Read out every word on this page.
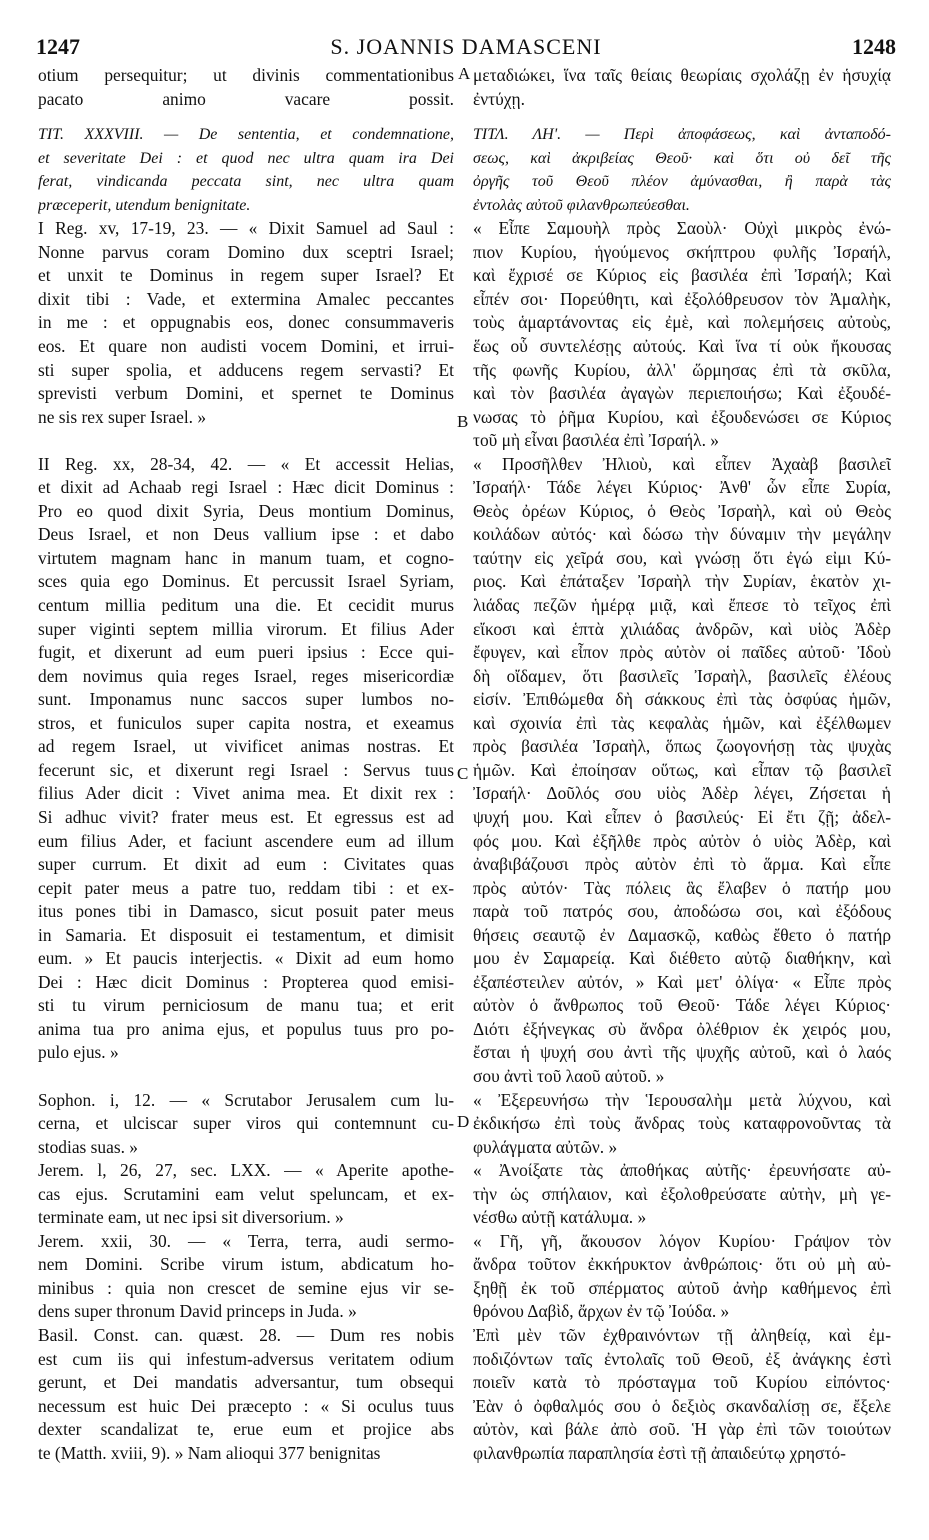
1247	S. JOANNIS DAMASCENI	1248
otium persequitur; ut divinis commentationibus
pacato animo vacare possit.
TIT. XXXVIII. — De sententia, et condemnatione,
et severitate Dei : et quod nec ultra quam ira Dei
ferat, vindicanda peccata sint, nec ultra quam
præceperit, utendum benignitate.
I Reg. xv, 17-19, 23. — « Dixit Samuel ad Saul :
Nonne parvus coram Domino dux sceptri Israel;
et unxit te Dominus in regem super Israel? Et
dixit tibi : Vade, et extermina Amalec peccantes
in me : et oppugnabis eos, donec consummaveris
eos. Et quare non audisti vocem Domini, et irrui-
sti super spolia, et adducens regem servasti? Et
sprevisti verbum Domini, et spernet te Dominus
ne sis rex super Israel. »
II Reg. xx, 28-34, 42. — « Et accessit Helias,
et dixit ad Achaab regi Israel : Hæc dicit Dominus :
Pro eo quod dixit Syria, Deus montium Dominus,
Deus Israel, et non Deus vallium ipse : et dabo
virtutem magnam hanc in manum tuam, et cogno-
sces quia ego Dominus. Et percussit Israel Syriam,
centum millia peditum una die. Et cecidit murus
super viginti septem millia virorum. Et filius Ader
fugit, et dixerunt ad eum pueri ipsius : Ecce qui-
dem novimus quia reges Israel, reges misericordiæ
sunt. Imponamus nunc saccos super lumbos no-
stros, et funiculos super capita nostra, et exeamus
ad regem Israel, ut vivificet animas nostras. Et
fecerunt sic, et dixerunt regi Israel : Servus tuus
filius Ader dicit : Vivet anima mea. Et dixit rex :
Si adhuc vivit? frater meus est. Et egressus est ad
eum filius Ader, et faciunt ascendere eum ad illum
super currum. Et dixit ad eum : Civitates quas
cepit pater meus a patre tuo, reddam tibi : et ex-
itus pones tibi in Damasco, sicut posuit pater meus
in Samaria. Et disposuit ei testamentum, et dimisit
eum. » Et paucis interjectis. « Dixit ad eum homo
Dei : Hæc dicit Dominus : Propterea quod emisi-
sti tu virum perniciosum de manu tua; et erit
anima tua pro anima ejus, et populus tuus pro po-
pulo ejus. »
Sophon. i, 12. — « Scrutabor Jerusalem cum lu-
cerna, et ulciscar super viros qui contemnunt cu-
stodias suas. »
Jerem. l, 26, 27, sec. LXX. — « Aperite apothe-
cas ejus. Scrutamini eam velut speluncam, et ex-
terminate eam, ut nec ipsi sit diversorium. »
Jerem. xxii, 30. — « Terra, terra, audi sermo-
nem Domini. Scribe virum istum, abdicatum ho-
minibus : quia non crescet de semine ejus vir se-
dens super thronum David princeps in Juda. »
Basil. Const. can. quæst. 28. — Dum res nobis
est cum iis qui infestum-adversus veritatem odium
gerunt, et Dei mandatis adversantur, tum obsequi
necessum est huic Dei præcepto : « Si oculus tuus
dexter scandalizat te, erue eum et projice abs
te (Matth. xviii, 9). » Nam alioqui 377 benignitas
μεταδιώκει, ἵνα ταῖς θείαις θεωρίαις σχολάζῃ ἐν ἡσυχίᾳ
ἐντύχῃ.
ΤΙΤΛ. ΛΗ'. — Περὶ ἀποφάσεως, καὶ ἀνταποδό-
σεως, καὶ ἀκριβείας Θεοῦ· καὶ ὅτι οὐ δεῖ τῆς
ὀργῆς τοῦ Θεοῦ πλέον ἀμύνασθαι, ἢ παρὰ τὰς
ἐντολὰς αὐτοῦ φιλανθρωπεύεσθαι.
« Εἶπε Σαμουὴλ πρὸς Σαοὺλ· Οὐχὶ μικρὸς ἐνώ-
πιον Κυρίου, ἡγούμενος σκήπτρου φυλῆς Ἰσραήλ,
καὶ ἔχρισέ σε Κύριος εἰς βασιλέα ἐπὶ Ἰσραήλ; Καὶ
εἶπέν σοι· Πορεύθητι, καὶ ἐξολόθρευσον τὸν Ἀμαλὴκ,
τοὺς ἁμαρτάνοντας εἰς ἐμὲ, καὶ πολεμήσεις αὐτοὺς,
ἕως οὗ συντελέσῃς αὐτούς. Καὶ ἵνα τί οὐκ ἤκουσας
τῆς φωνῆς Κυρίου, ἀλλ' ὥρμησας ἐπὶ τὰ σκῦλα,
καὶ τὸν βασιλέα ἀγαγὼν περιεποιήσω; Καὶ ἐξουδέ-
νωσας τὸ ῥῆμα Κυρίου, καὶ ἐξουδενώσει σε Κύριος
τοῦ μὴ εἶναι βασιλέα ἐπὶ Ἰσραήλ. »
« Προσῆλθεν Ἠλιοὺ, καὶ εἶπεν Ἀχαὰβ βασιλεῖ
Ἰσραήλ· Τάδε λέγει Κύριος· Ἀνθ' ὧν εἶπε Συρία,
Θεὸς ὀρέων Κύριος, ὁ Θεὸς Ἰσραὴλ, καὶ οὐ Θεὸς
κοιλάδων αὐτός· καὶ δώσω τὴν δύναμιν τὴν μεγάλην
ταύτην εἰς χεῖρά σου, καὶ γνώσῃ ὅτι ἐγώ εἰμι Κύ-
ριος. Καὶ ἐπάταξεν Ἰσραὴλ τὴν Συρίαν, ἑκατὸν χι-
λιάδας πεζῶν ἡμέρᾳ μιᾷ, καὶ ἔπεσε τὸ τεῖχος ἐπὶ
εἴκοσι καὶ ἑπτὰ χιλιάδας ἀνδρῶν, καὶ υἱὸς Ἀδὲρ
ἔφυγεν, καὶ εἶπον πρὸς αὐτὸν οἱ παῖδες αὐτοῦ· Ἰδοὺ
δὴ οἴδαμεν, ὅτι βασιλεῖς Ἰσραὴλ, βασιλεῖς ἐλέους
εἰσίν. Ἐπιθώμεθα δὴ σάκκους ἐπὶ τὰς ὀσφύας ἡμῶν,
καὶ σχοινία ἐπὶ τὰς κεφαλὰς ἡμῶν, καὶ ἐξέλθωμεν
πρὸς βασιλέα Ἰσραὴλ, ὅπως ζωογονήσῃ τὰς ψυχὰς
ἡμῶν. Καὶ ἐποίησαν οὕτως, καὶ εἶπαν τῷ βασιλεῖ
Ἰσραήλ· Δοῦλός σου υἱὸς Ἀδὲρ λέγει, Ζήσεται ἡ
ψυχή μου. Καὶ εἶπεν ὁ βασιλεύς· Εἰ ἔτι ζῇ; ἀδελ-
φός μου. Καὶ ἐξῆλθε πρὸς αὐτὸν ὁ υἱὸς Ἀδὲρ, καὶ
ἀναβιβάζουσι πρὸς αὐτὸν ἐπὶ τὸ ἅρμα. Καὶ εἶπε
πρὸς αὐτόν· Τὰς πόλεις ἃς ἔλαβεν ὁ πατήρ μου
παρὰ τοῦ πατρός σου, ἀποδώσω σοι, καὶ ἐξόδους
θήσεις σεαυτῷ ἐν Δαμασκῷ, καθὼς ἔθετο ὁ πατήρ
μου ἐν Σαμαρείᾳ. Καὶ διέθετο αὐτῷ διαθήκην, καὶ
ἐξαπέστειλεν αὐτόν, » Καὶ μετ' ὀλίγα· « Εἶπε πρὸς
αὐτὸν ὁ ἄνθρωπος τοῦ Θεοῦ· Τάδε λέγει Κύριος·
Διότι ἐξήνεγκας σὺ ἄνδρα ὀλέθριον ἐκ χειρός μου,
ἔσται ἡ ψυχή σου ἀντὶ τῆς ψυχῆς αὐτοῦ, καὶ ὁ λαός
σου ἀντὶ τοῦ λαοῦ αὐτοῦ. »
« Ἐξερευνήσω τὴν Ἱερουσαλὴμ μετὰ λύχνου, καὶ
ἐκδικήσω ἐπὶ τοὺς ἄνδρας τοὺς καταφρονοῦντας τὰ
φυλάγματα αὐτῶν. »
« Ἀνοίξατε τὰς ἀποθήκας αὐτῆς· ἐρευνήσατε αὐ-
τὴν ὡς σπήλαιον, καὶ ἐξολοθρεύσατε αὐτὴν, μὴ γε-
νέσθω αὐτῇ κατάλυμα. »
« Γῆ, γῆ, ἄκουσον λόγον Κυρίου· Γράψον τὸν
ἄνδρα τοῦτον ἐκκήρυκτον ἀνθρώποις· ὅτι οὐ μὴ αὐ-
ξηθῇ ἐκ τοῦ σπέρματος αὐτοῦ ἀνὴρ καθήμενος ἐπὶ
θρόνου Δαβὶδ, ἄρχων ἐν τῷ Ἰούδα. »
Ἐπὶ μὲν τῶν ἐχθραινόντων τῇ ἀληθείᾳ, καὶ ἐμ-
ποδιζόντων ταῖς ἐντολαῖς τοῦ Θεοῦ, ἐξ ἀνάγκης ἐστὶ
ποιεῖν κατὰ τὸ πρόσταγμα τοῦ Κυρίου εἰπόντος·
Ἐὰν ὁ ὀφθαλμός σου ὁ δεξιὸς σκανδαλίσῃ σε, ἔξελε
αὐτὸν, καὶ βάλε ἀπὸ σοῦ. Ἡ γὰρ ἐπὶ τῶν τοιούτων
φιλανθρωπία παραπλησία ἐστὶ τῇ ἀπαιδεύτῳ χρηστό-
A
B
C
D
